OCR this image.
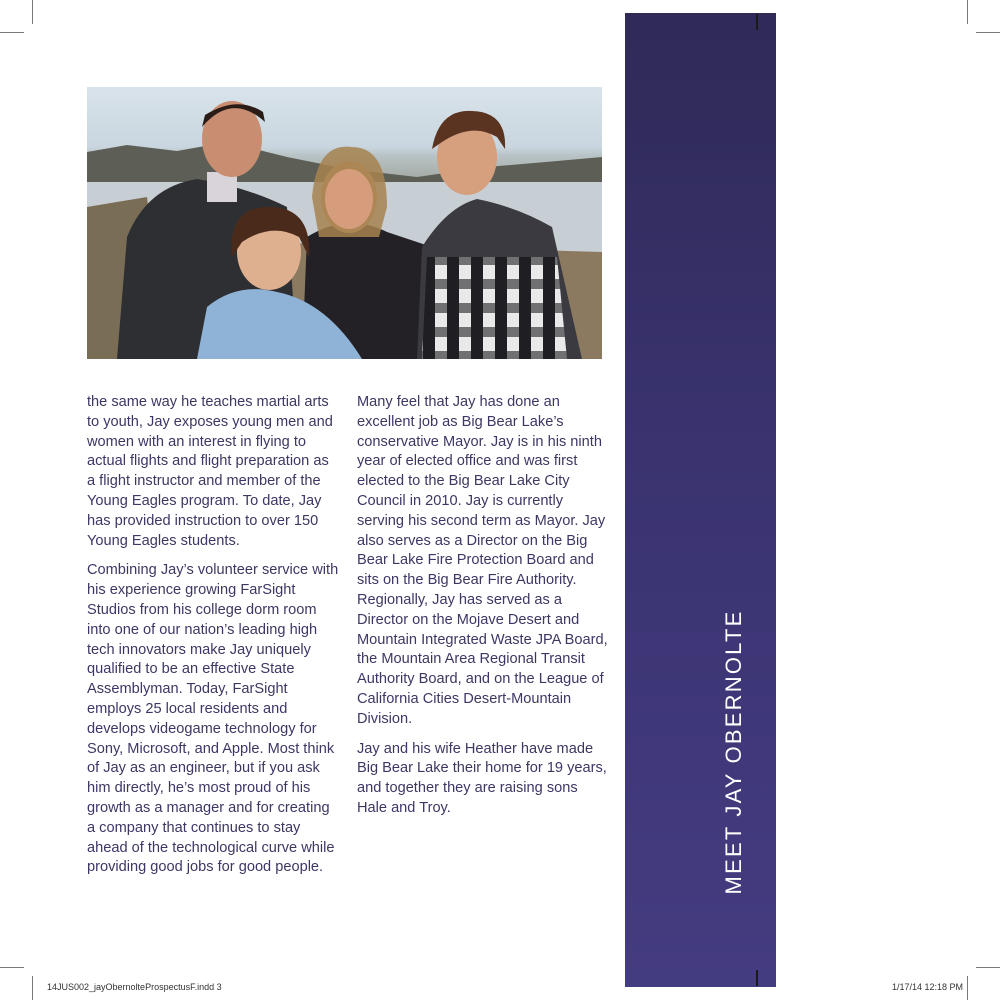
the same way he teaches martial arts to youth, Jay exposes young men and women with an interest in flying to actual flights and flight preparation as a flight instructor and member of the Young Eagles program. To date, Jay has provided instruction to over 150 Young Eagles students.

Combining Jay’s volunteer service with his experience growing FarSight Studios from his college dorm room into one of our nation’s leading high tech innovators make Jay uniquely qualified to be an effective State Assemblyman. Today, FarSight employs 25 local residents and develops videogame technology for Sony, Microsoft, and Apple. Most think of Jay as an engineer, but if you ask him directly, he’s most proud of his growth as a manager and for creating a company that continues to stay ahead of the technological curve while providing good jobs for good people.

Many feel that Jay has done an excellent job as Big Bear Lake’s conservative Mayor. Jay is in his ninth year of elected office and was first elected to the Big Bear Lake City Council in 2010. Jay is currently serving his second term as Mayor. Jay also serves as a Director on the Big Bear Lake Fire Protection Board and sits on the Big Bear Fire Authority. Regionally, Jay has served as a Director on the Mojave Desert and Mountain Integrated Waste JPA Board, the Mountain Area Regional Transit Authority Board, and on the League of California Cities Desert-Mountain Division.

Jay and his wife Heather have made Big Bear Lake their home for 19 years, and together they are raising sons Hale and Troy.	MEET JAY OBERNOLTE
14JUS002_jayObernolteProspectusF.indd 3	1/17/14 12:18 PM
